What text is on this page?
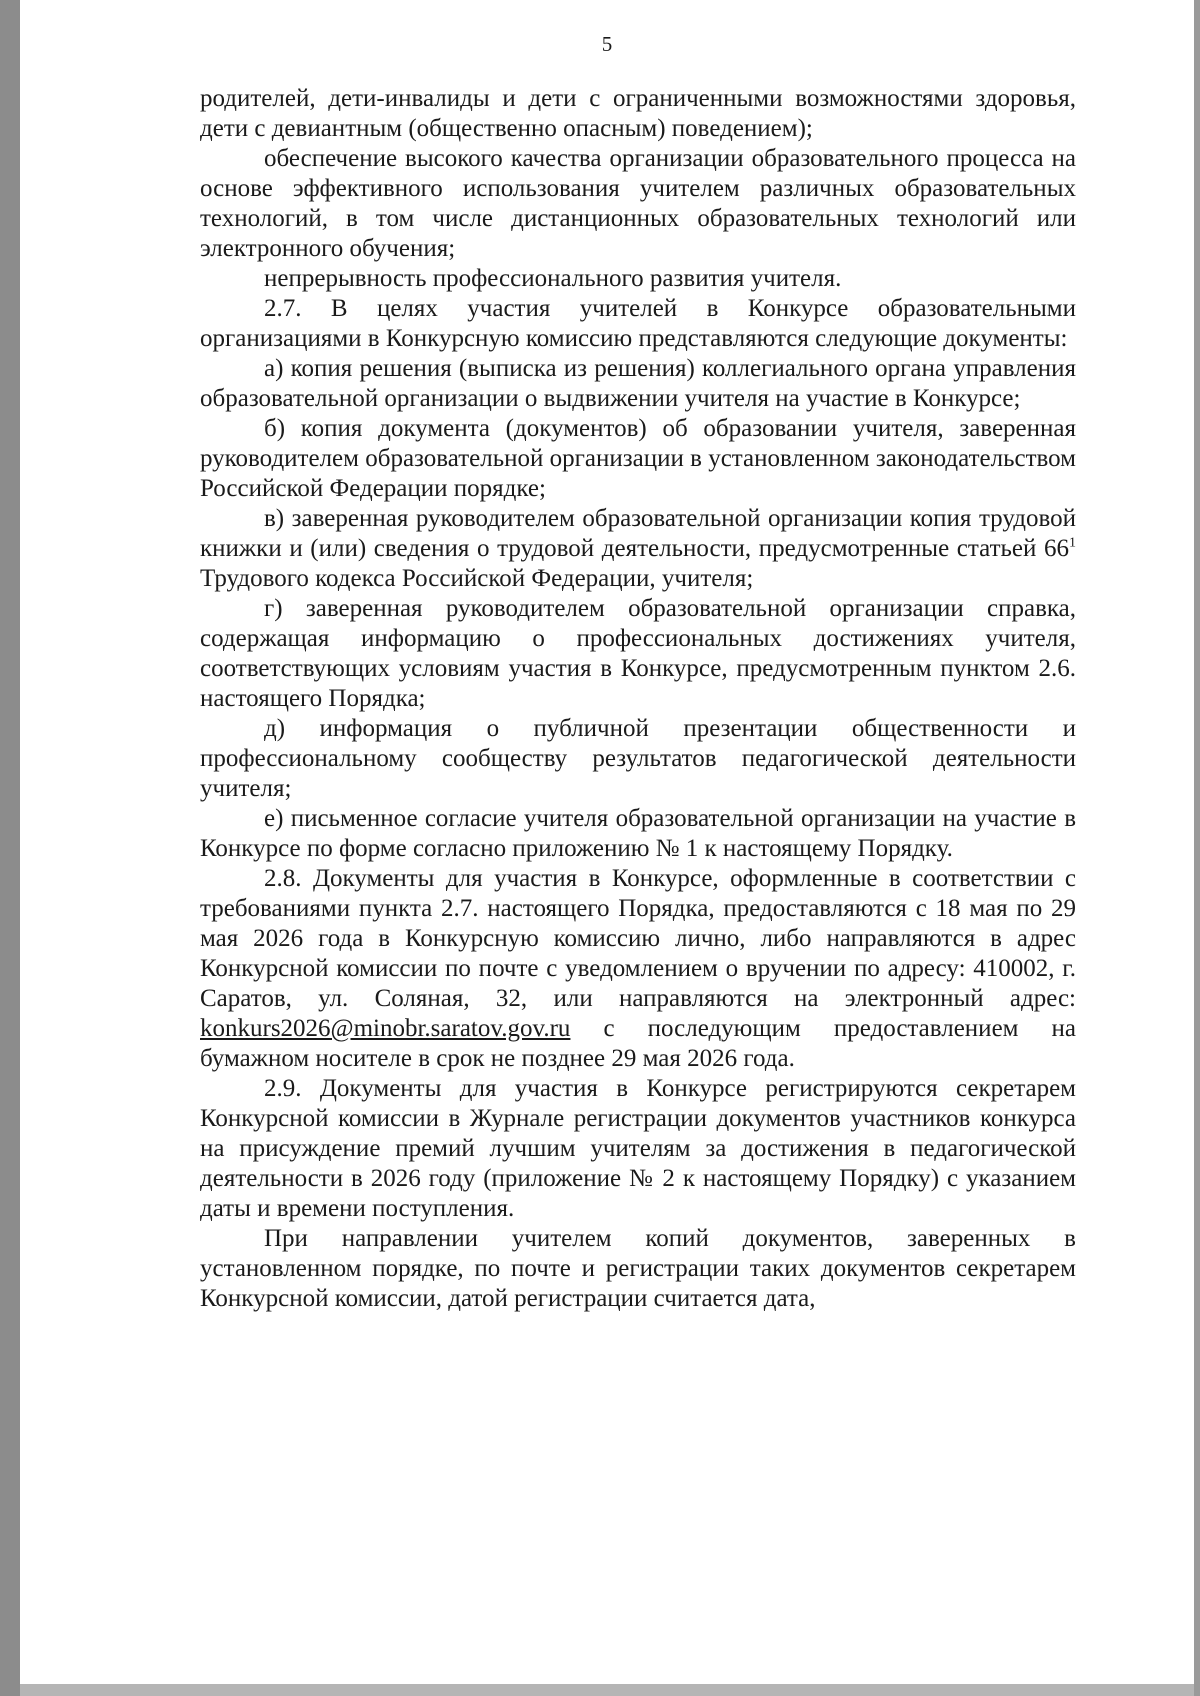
5

родителей, дети-инвалиды и дети с ограниченными возможностями здоровья, дети с девиантным (общественно опасным) поведением);

обеспечение высокого качества организации образовательного процесса на основе эффективного использования учителем различных образовательных технологий, в том числе дистанционных образовательных технологий или электронного обучения;

непрерывность профессионального развития учителя.

2.7. В целях участия учителей в Конкурсе образовательными организациями в Конкурсную комиссию представляются следующие документы:

а) копия решения (выписка из решения) коллегиального органа управления образовательной организации о выдвижении учителя на участие в Конкурсе;

б) копия документа (документов) об образовании учителя, заверенная руководителем образовательной организации в установленном законодательством Российской Федерации порядке;

в) заверенная руководителем образовательной организации копия трудовой книжки и (или) сведения о трудовой деятельности, предусмотренные статьей $66^1$ Трудового кодекса Российской Федерации, учителя;

г) заверенная руководителем образовательной организации справка, содержащая информацию о профессиональных достижениях учителя, соответствующих условиям участия в Конкурсе, предусмотренным пунктом 2.6. настоящего Порядка;

д) информация о публичной презентации общественности и профессиональному сообществу результатов педагогической деятельности учителя;

е) письменное согласие учителя образовательной организации на участие в Конкурсе по форме согласно приложению № 1 к настоящему Порядку.

2.8. Документы для участия в Конкурсе, оформленные в соответствии с требованиями пункта 2.7. настоящего Порядка, предоставляются с 18 мая по 29 мая 2026 года в Конкурсную комиссию лично, либо направляются в адрес Конкурсной комиссии по почте с уведомлением о вручении по адресу: 410002, г. Саратов, ул. Соляная, 32, или направляются на электронный адрес: konkurs2026@minobr.saratov.gov.ru с последующим предоставлением на бумажном носителе в срок не позднее 29 мая 2026 года.

2.9. Документы для участия в Конкурсе регистрируются секретарем Конкурсной комиссии в Журнале регистрации документов участников конкурса на присуждение премий лучшим учителям за достижения в педагогической деятельности в 2026 году (приложение № 2 к настоящему Порядку) с указанием даты и времени поступления.

При направлении учителем копий документов, заверенных в установленном порядке, по почте и регистрации таких документов секретарем Конкурсной комиссии, датой регистрации считается дата,
